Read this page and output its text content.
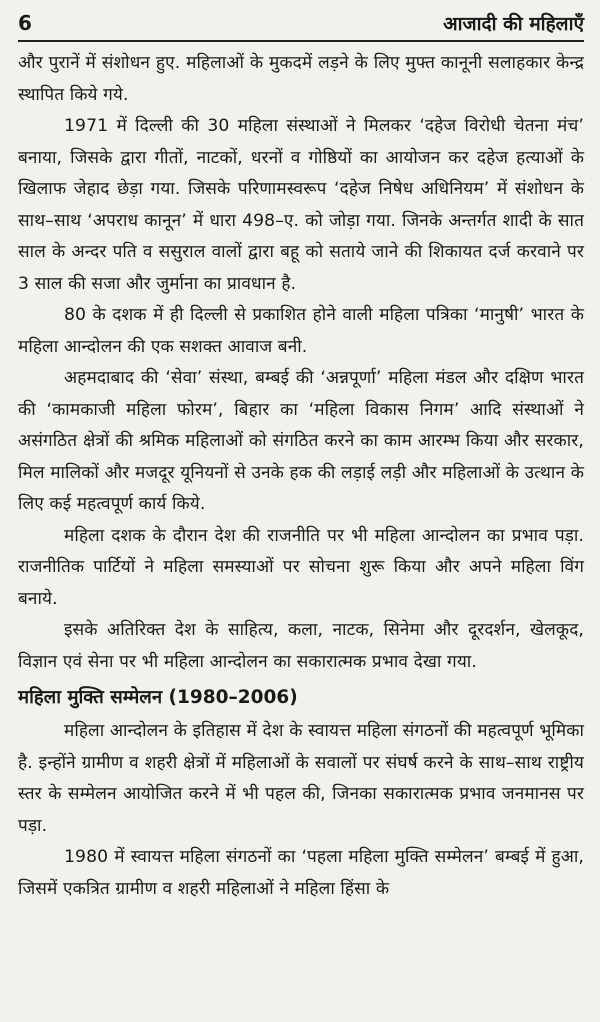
6	आजादी की महिलाएँ

और पुरानें में संशोधन हुए. महिलाओं के मुकदमें लड़ने के लिए मुफ्त कानूनी सलाहकार केन्द्र स्थापित किये गये.

1971 में दिल्ली की 30 महिला संस्थाओं ने मिलकर ‘दहेज विरोधी चेतना मंच’ बनाया, जिसके द्वारा गीतों, नाटकों, धरनों व गोष्ठियों का आयोजन कर दहेज हत्याओं के खिलाफ जेहाद छेड़ा गया. जिसके परिणामस्वरूप ‘दहेज निषेध अधिनियम’ में संशोधन के साथ–साथ ‘अपराध कानून’ में धारा 498–ए. को जोड़ा गया. जिनके अन्तर्गत शादी के सात साल के अन्दर पति व ससुराल वालों द्वारा बहू को सताये जाने की शिकायत दर्ज करवाने पर 3 साल की सजा और जुर्माना का प्रावधान है.

80 के दशक में ही दिल्ली से प्रकाशित होने वाली महिला पत्रिका ‘मानुषी’ भारत के महिला आन्दोलन की एक सशक्त आवाज बनी.

अहमदाबाद की ‘सेवा’ संस्था, बम्बई की ‘अन्नपूर्णा’ महिला मंडल और दक्षिण भारत की ‘कामकाजी महिला फोरम’, बिहार का ‘महिला विकास निगम’ आदि संस्थाओं ने असंगठित क्षेत्रों की श्रमिक महिलाओं को संगठित करने का काम आरम्भ किया और सरकार, मिल मालिकों और मजदूर यूनियनों से उनके हक की लड़ाई लड़ी और महिलाओं के उत्थान के लिए कई महत्वपूर्ण कार्य किये.

महिला दशक के दौरान देश की राजनीति पर भी महिला आन्दोलन का प्रभाव पड़ा. राजनीतिक पार्टियों ने महिला समस्याओं पर सोचना शुरू किया और अपने महिला विंग बनाये.

इसके अतिरिक्त देश के साहित्य, कला, नाटक, सिनेमा और दूरदर्शन, खेलकूद, विज्ञान एवं सेना पर भी महिला आन्दोलन का सकारात्मक प्रभाव देखा गया.

महिला मुक्ति सम्मेलन (1980–2006)

महिला आन्दोलन के इतिहास में देश के स्वायत्त महिला संगठनों की महत्वपूर्ण भूमिका है. इन्होंने ग्रामीण व शहरी क्षेत्रों में महिलाओं के सवालों पर संघर्ष करने के साथ–साथ राष्ट्रीय स्तर के सम्मेलन आयोजित करने में भी पहल की, जिनका सकारात्मक प्रभाव जनमानस पर पड़ा.

1980 में स्वायत्त महिला संगठनों का ‘पहला महिला मुक्ति सम्मेलन’ बम्बई में हुआ, जिसमें एकत्रित ग्रामीण व शहरी महिलाओं ने महिला हिंसा के
